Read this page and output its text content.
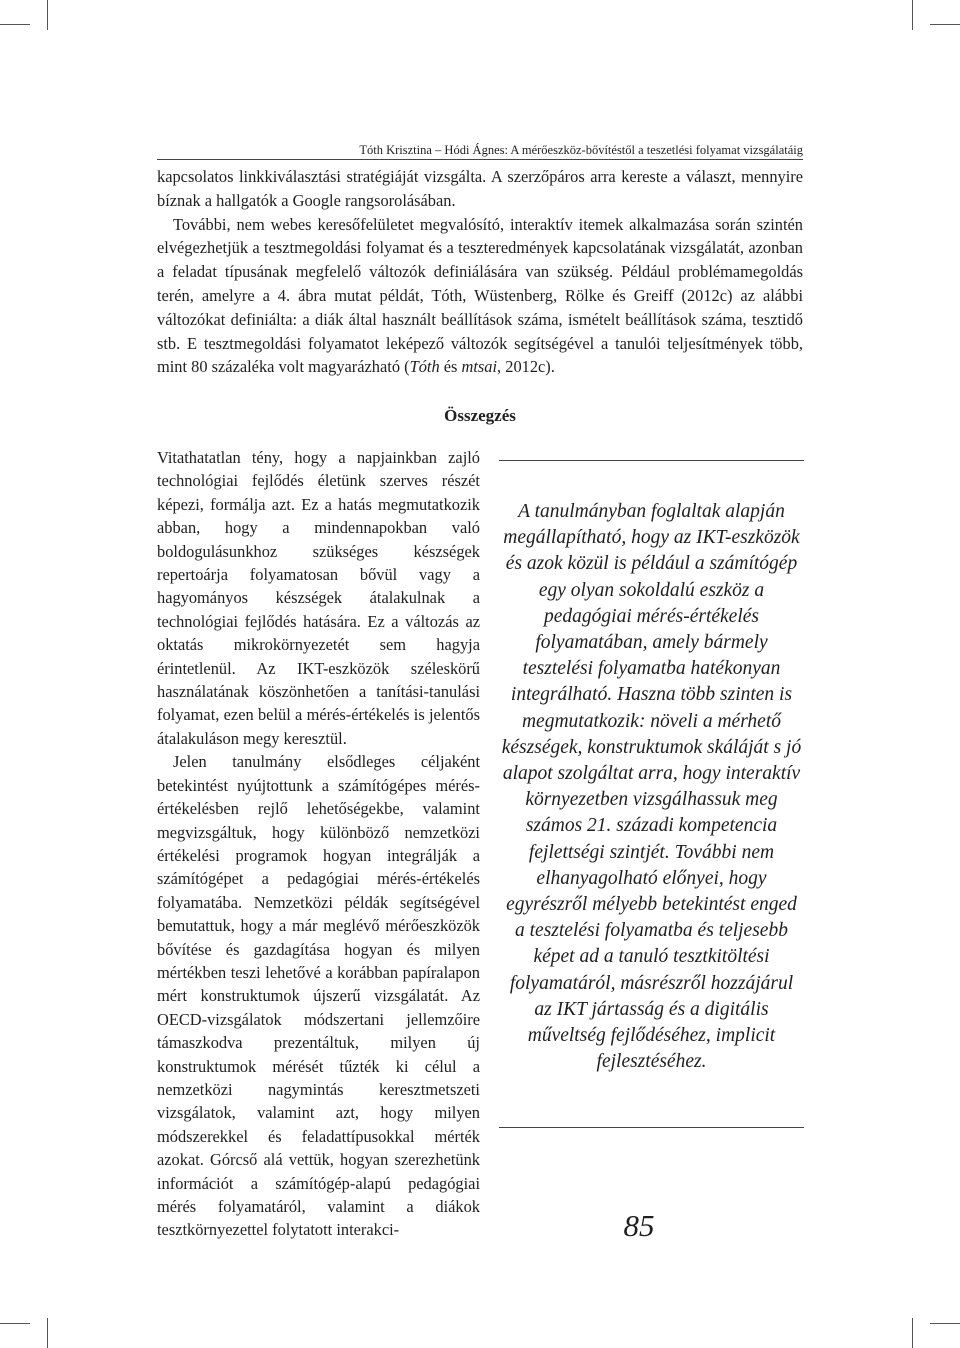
Tóth Krisztina – Hódi Ágnes: A mérőeszköz-bővítéstől a teszetlési folyamat vizsgálatáig

kapcsolatos linkkiválasztási stratégiáját vizsgálta. A szerzőpáros arra kereste a választ, mennyire bíznak a hallgatók a Google rangsorolásában.

További, nem webes keresőfelületet megvalósító, interaktív itemek alkalmazása során szintén elvégezhetjük a tesztmegoldási folyamat és a teszteredmények kapcsolatának vizsgálatát, azonban a feladat típusának megfelelő változók definiálására van szükség. Például problémamegoldás terén, amelyre a 4. ábra mutat példát, Tóth, Wüstenberg, Rölke és Greiff (2012c) az alábbi változókat definiálta: a diák által használt beállítások száma, ismételt beállítások száma, tesztidő stb. E tesztmegoldási folyamatot leképező változók segítségével a tanulói teljesítmények több, mint 80 százaléka volt magyarázható (Tóth és mtsai, 2012c).

Összegzés

Vitathatatlan tény, hogy a napjainkban zajló technológiai fejlődés életünk szerves részét képezi, formálja azt. Ez a hatás megmutatkozik abban, hogy a mindennapokban való boldogulásunkhoz szükséges készségek repertoárja folyamatosan bővül vagy a hagyományos készségek átalakulnak a technológiai fejlődés hatására. Ez a változás az oktatás mikrokörnyezetét sem hagyja érintetlenül. Az IKT-eszközök széleskörű használatának köszönhetően a tanítási-tanulási folyamat, ezen belül a mérés-értékelés is jelentős átalakuláson megy keresztül.

Jelen tanulmány elsődleges céljaként betekintést nyújtottunk a számítógépes mérés-értékelésben rejlő lehetőségekbe, valamint megvizsgáltuk, hogy különböző nemzetközi értékelési programok hogyan integrálják a számítógépet a pedagógiai mérés-értékelés folyamatába. Nemzetközi példák segítségével bemutattuk, hogy a már meglévő mérőeszközök bővítése és gazdagítása hogyan és milyen mértékben teszi lehetővé a korábban papíralapon mért konstruktumok újszerű vizsgálatát. Az OECD-vizsgálatok módszertani jellemzőire támaszkodva prezentáltuk, milyen új konstruktumok mérését tűzték ki célul a nemzetközi nagymintás keresztmetszeti vizsgálatok, valamint azt, hogy milyen módszerekkel és feladattípusokkal mérték azokat. Górcső alá vettük, hogyan szerezhetünk információt a számítógép-alapú pedagógiai mérés folyamatáról, valamint a diákok tesztkörnyezettel folytatott interakci-

A tanulmányban foglaltak alapján megállapítható, hogy az IKT-eszközök és azok közül is például a számítógép egy olyan sokoldalú eszköz a pedagógiai mérés-értékelés folyamatában, amely bármely tesztelési folyamatba hatékonyan integrálható. Haszna több szinten is megmutatkozik: növeli a mérhető készségek, konstruktumok skáláját s jó alapot szolgáltat arra, hogy interaktív környezetben vizsgálhassuk meg számos 21. századi kompetencia fejlettségi szintjét. További nem elhanyagolható előnyei, hogy egyrészről mélyebb betekintést enged a tesztelési folyamatba és teljesebb képet ad a tanuló tesztkitöltési folyamatáról, másrészről hozzájárul az IKT jártasság és a digitális műveltség fejlődéséhez, implicit fejlesztéséhez.

85
